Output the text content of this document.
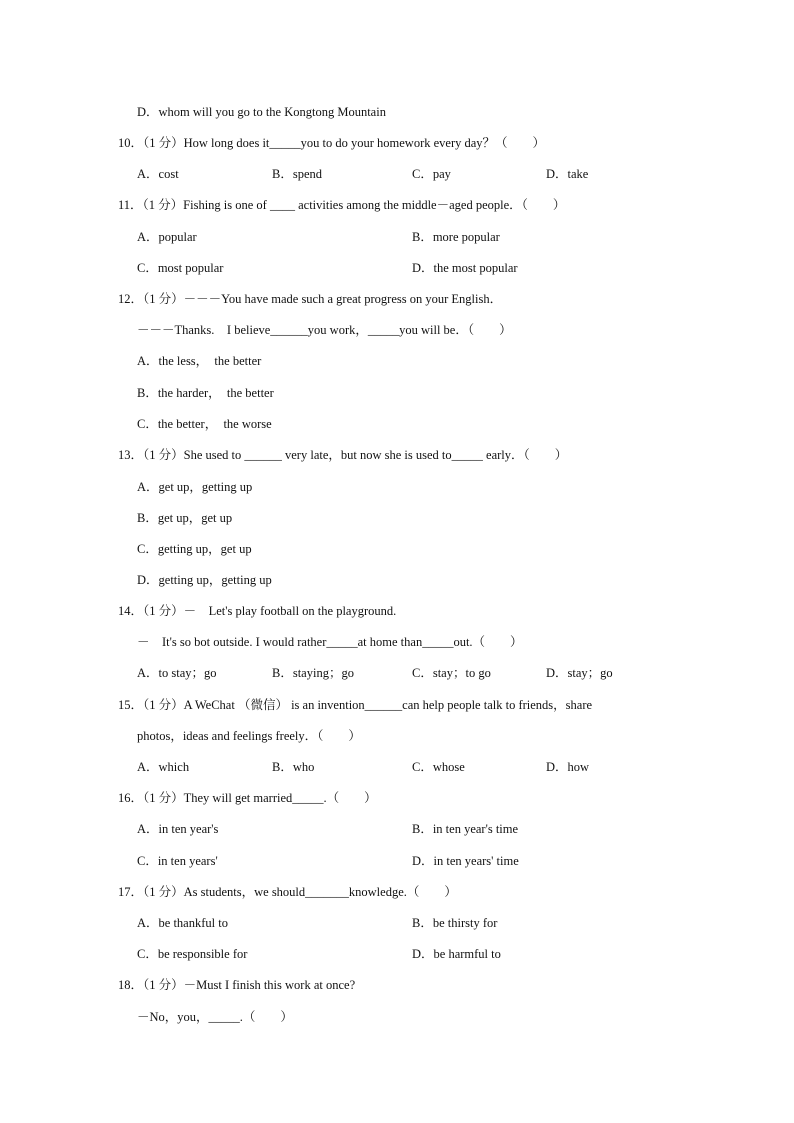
D．whom will you go to the Kongtong Mountain
10．（1 分）How long does it_____you to do your homework every day？（　　）
A．cost	B．spend	C．pay	D．take
11．（1 分）Fishing is one of ____ activities among the middle－aged people．（　　）
A．popular	B．more popular
C．most popular	D．the most popular
12．（1 分）－－－You have made such a great progress on your English．
－－－Thanks.　I believe______you work，_____you will be．（　　）
A．the less，　the better
B．the harder，　the better
C．the better，　the worse
13．（1 分）She used to ______ very late，but now she is used to_____ early．（　　）
A．get up，getting up
B．get up，get up
C．getting up，get up
D．getting up，getting up
14．（1 分）－　Let's play football on the playground.
－　It's so bot outside. I would rather_____at home than_____out.（　　）
A．to stay；go	B．staying；go	C．stay；to go	D．stay；go
15．（1 分）A WeChat （微信） is an invention______can help people talk to friends，share
photos，ideas and feelings freely．（　　）
A．which	B．who	C．whose	D．how
16．（1 分）They will get married_____.（　　）
A．in ten year's	B．in ten year's time
C．in ten years'	D．in ten years' time
17．（1 分）As students，we should_______knowledge.（　　）
A．be thankful to	B．be thirsty for
C．be responsible for	D．be harmful to
18．（1 分）－Must I finish this work at once?
－No，you，_____.（　　）
